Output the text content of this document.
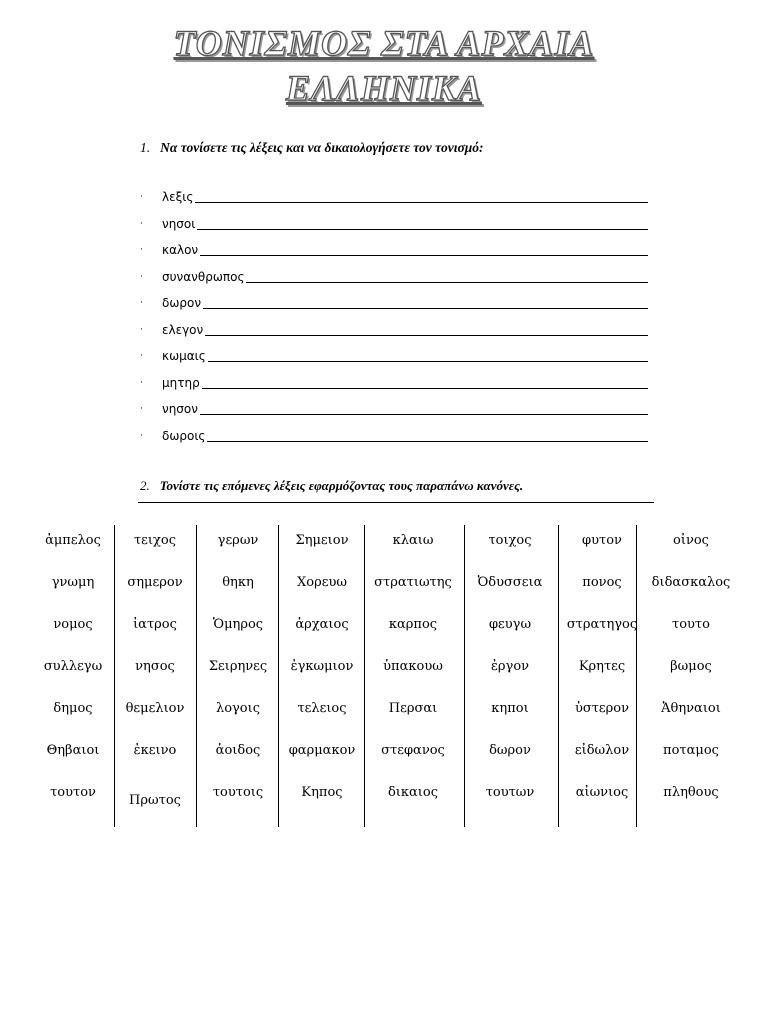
ΤΟΝΙΣΜΟΣ ΣΤΑ ΑΡΧΑΙΑ
ΕΛΛΗΝΙΚΑ
1. Να τονίσετε τις λέξεις και να δικαιολογήσετε τον τονισμό:
· λεξις
· νησοι
· καλον
· συνανθρωπος
· δωρον
· ελεγον
· κωμαις
· μητηρ
· νησον
· δωροις
2. Τονίστε τις επόμενες λέξεις εφαρμόζοντας τους παραπάνω κανόνες.
ἀμπελος
γνωμη
νομος
συλλεγω
δημος
Θηβαιοι
τουτον
τειχος
σημερον
ἰατρος
νησος
θεμελιον
ἐκεινο
Πρωτος
γερων
θηκη
Ὁμηρος
Σειρηνες
λογοις
ἀοιδος
τουτοις
Σημειον
Χορευω
ἀρχαιος
ἐγκωμιον
τελειος
φαρμακον
Κηπος
κλαιω
στρατιωτης
καρπος
ὑπακουω
Περσαι
στεφανος
δικαιος
τοιχος
Ὀδυσσεια
φευγω
ἐργον
κηποι
δωρον
τουτων
φυτον
πονος
στρατηγος
Κρητες
ὑστερον
εἰδωλον
αἰωνιος
οἰνος
διδασκαλος
τουτο
βωμος
Ἀθηναιοι
ποταμος
πληθους
